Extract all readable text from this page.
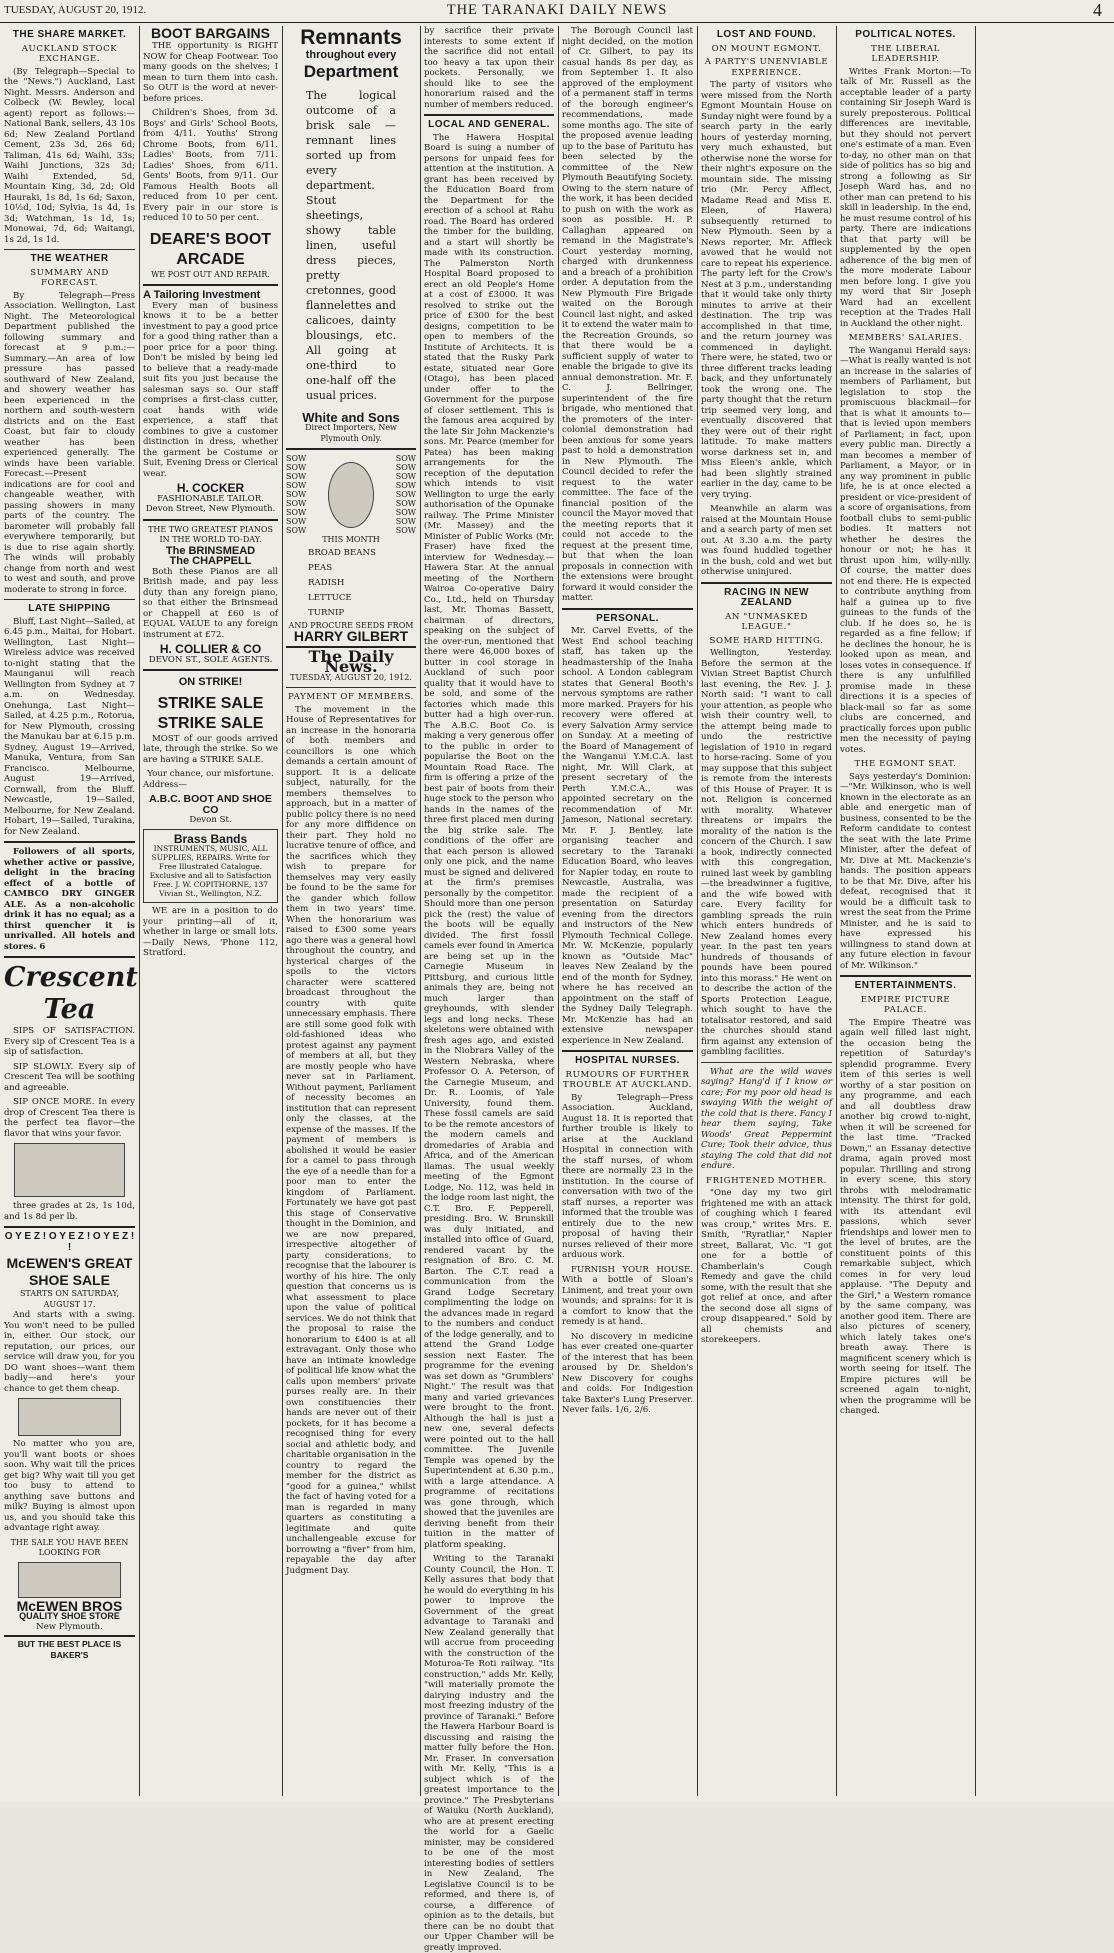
TUESDAY, AUGUST 20, 1912.	THE TARANAKI DAILY NEWS	4
THE SHARE MARKET.
AUCKLAND STOCK EXCHANGE.

(By Telegraph—Special to the "News.") Auckland, Last Night. Messrs. Anderson and Colbeck (W. Bewley, local agent) report as follows:—National Bank, sellers, 43 10s 6d; New Zealand Portland Cement, 23s 3d, 26s 6d; Taliman, 41s 6d; Waihi, 33s; Waihi Junctions, 32s 3d; Waihi Extended, 5d, Mountain King, 3d, 2d; Old Hauraki, 1s 8d, 1s 6d; Saxon, 10½d, 10d; Sylvia, 1s 4d, 1s 3d; Watchman, 1s 1d, 1s; Monowai, 7d, 6d; Waitangi, 1s 2d, 1s 1d.

THE WEATHER
SUMMARY AND FORECAST.

By Telegraph—Press Association. Wellington, Last Night. The Meteorological Department published the following summary and forecast at 9 p.m.:—Summary.—An area of low pressure has passed southward of New Zealand, and showery weather has been experienced in the northern and south-western districts and on the East Coast, but fair to cloudy weather has been experienced generally. The winds have been variable. Forecast.—Present indications are for cool and changeable weather, with passing showers in many parts of the country. The barometer will probably fall everywhere temporarily, but is due to rise again shortly. The winds will probably change from north and west to west and south, and prove moderate to strong in force.

LATE SHIPPING

Bluff, Last Night—Sailed, at 6.45 p.m., Maitai, for Hobart. Wellington, Last Night—Wireless advice was received to-night stating that the Maunganui will reach Wellington from Sydney at 7 a.m. on Wednesday. Onehunga, Last Night—Sailed, at 4.25 p.m., Rotorua, for New Plymouth, crossing the Manukau bar at 6.15 p.m. Sydney, August 19—Arrived, Manuka, Ventura, from San Francisco. Melbourne, August 19—Arrived, Cornwall, from the Bluff. Newcastle, 19—Sailed, Melbourne, for New Zealand. Hobart, 19—Sailed, Turakina, for New Zealand.

Followers of all sports, whether active or passive, delight in the bracing effect of a bottle of CAMBCO DRY GINGER ALE. As a non-alcoholic drink it has no equal; as a thirst quencher it is unrivalled. All hotels and stores. 6

Crescent Tea

SIPS OF SATISFACTION. Every sip of Crescent Tea is a sip of satisfaction.

SIP SLOWLY. Every sip of Crescent Tea will be soothing and agreeable.

SIP ONCE MORE. In every drop of Crescent Tea there is the perfect tea flavor—the flavor that wins your favor.

three grades at 2s, 1s 10d, and 1s 8d per lb.

O Y E Z ! O Y E Z ! O Y E Z ! !
McEWEN'S GREAT SHOE SALE
STARTS ON SATURDAY, AUGUST 17.

And starts with a swing. You won't need to be pulled in, either. Our stock, our reputation, our prices, our service will draw you, for you DO want shoes—want them badly—and here's your chance to get them cheap.

No matter who you are, you'll want boots or shoes soon. Why wait till the prices get big? Why wait till you get too busy to attend to anything save buttons and milk? Buying is almost upon us, and you should take this advantage right away.

THE SALE YOU HAVE BEEN LOOKING FOR
McEWEN BROS
QUALITY SHOE STORE
New Plymouth.
BUT THE BEST PLACE IS BAKER'S
BOOT BARGAINS

THE opportunity is RIGHT NOW for Cheap Footwear. Too many goods on the shelves; I mean to turn them into cash. So OUT is the word at never-before prices.

Children's Shoes, from 3d. Boys' and Girls' School Boots, from 4/11. Youths' Strong Chrome Boots, from 6/11. Ladies' Boots, from 7/11. Ladies' Shoes, from 6/11. Gents' Boots, from 9/11. Our Famous Health Boots all reduced from 10 per cent. Every pair in our store is reduced 10 to 50 per cent.

DEARE'S BOOT ARCADE
WE POST OUT AND REPAIR.
A Tailoring Investment

Every man of business knows it to be a better investment to pay a good price for a good thing rather than a poor price for a poor thing. Don't be misled by being led to believe that a ready-made suit fits you just because the salesman says so. Our staff comprises a first-class cutter, coat hands with wide experience, a staff that combines to give a customer distinction in dress, whether the garment be Costume or Suit, Evening Dress or Clerical wear.

H. COCKER
FASHIONABLE TAILOR.
Devon Street, New Plymouth.
THE TWO GREATEST PIANOS IN THE WORLD TO-DAY.
The BRINSMEAD
The CHAPPELL

Both these Pianos are all British made, and pay less duty than any foreign piano, so that either the Brinsmead or Chappell at £60 is of EQUAL VALUE to any foreign instrument at £72.

H. COLLIER & CO
DEVON ST., SOLE AGENTS.
ON STRIKE!
STRIKE SALE
STRIKE SALE

MOST of our goods arrived late, through the strike. So we are having a STRIKE SALE.

Your chance, our misfortune.
Address—
A.B.C. BOOT AND SHOE CO
Devon St.
Brass Bands
INSTRUMENTS, MUSIC, ALL SUPPLIES, REPAIRS. Write for Free Illustrated Catalogue. Exclusive and all to Satisfaction Free. J. W. COPITHORNE, 137 Vivian St., Wellington, N.Z.

WE are in a position to do your printing—all of it, whether in large or small lots.—Daily News, 'Phone 112, Stratford.

Remnants
throughout every
Department

The logical outcome of a brisk sale — remnant lines sorted up from every department. Stout sheetings, showy table linen, useful dress pieces, pretty cretonnes, good flannelettes and calicoes, dainty blousings, etc. All going at one-third to one-half off the usual prices.

White and Sons
Direct Importers, New Plymouth Only.
SOW
SOW
SOW
SOW
SOW
SOW
SOW
SOW
SOW
SOW
SOW
SOW
SOW
SOW
SOW
SOW
SOW
SOW
THIS MONTH
BROAD BEANS
PEAS
RADISH
LETTUCE
TURNIP
AND PROCURE SEEDS FROM
HARRY GILBERT
The Daily News.
TUESDAY, AUGUST 20, 1912.
PAYMENT OF MEMBERS.

The movement in the House of Representatives for an increase in the honoraria of both members and councillors is one which demands a certain amount of support. It is a delicate subject, naturally, for the members themselves to approach, but in a matter of public policy there is no need for any more diffidence on their part. They hold no lucrative tenure of office, and the sacrifices which they wish to prepare for themselves may very easily be found to be the same for the gander which follow them in two years' time. When the honorarium was raised to £300 some years ago there was a general howl throughout the country, and hysterical charges of the spoils to the victors character were scattered broadcast throughout the country with quite unnecessary emphasis. There are still some good folk with old-fashioned ideas who protest against any payment of members at all, but they are mostly people who have never sat in Parliament. Without payment, Parliament of necessity becomes an institution that can represent only the classes, at the expense of the masses. If the payment of members is abolished it would be easier for a camel to pass through the eye of a needle than for a poor man to enter the kingdom of Parliament. Fortunately we have got past this stage of Conservative thought in the Dominion, and we are now prepared, irrespective altogether of party considerations, to recognise that the labourer is worthy of his hire. The only question that concerns us is what assessment to place upon the value of political services. We do not think that the proposal to raise the honorarium to £400 is at all extravagant. Only those who have an intimate knowledge of political life know what the calls upon members' private purses really are. In their own constituencies their hands are never out of their pockets, for it has become a recognised thing for every social and athletic body, and charitable organisation in the country to regard the member for the district as "good for a guinea," whilst the fact of having voted for a man is regarded in many quarters as constituting a legitimate and quite unchallengeable excuse for borrowing a "fiver" from him, repayable the day after Judgment Day.

by sacrifice their private interests to some extent if the sacrifice did not entail too heavy a tax upon their pockets. Personally, we should like to see the honorarium raised and the number of members reduced.

LOCAL AND GENERAL.

The Hawera Hospital Board is suing a number of persons for unpaid fees for attention at the institution. A grant has been received by the Education Board from the Department for the erection of a school at Rahu road. The Board has ordered the timber for the building, and a start will shortly be made with its construction. The Palmerston North Hospital Board proposed to erect an old People's Home at a cost of £3000. It was resolved to strike out the price of £300 for the best designs, competition to be open to members of the Institute of Architects. It is stated that the Rusky Park estate, situated near Gore (Otago), has been placed under offer to the Government for the purpose of closer settlement. This is the famous area acquired by the late Sir John Mackenzie's sons. Mr. Pearce (member for Patea) has been making arrangements for the reception of the deputation which intends to visit Wellington to urge the early authorisation of the Opunake railway. The Prime Minister (Mr. Massey) and the Minister of Public Works (Mr. Fraser) have fixed the interview for Wednesday.—Hawera Star. At the annual meeting of the Northern Wairoa Co-operative Dairy Co., Ltd., held on Thursday last, Mr. Thomas Bassett, chairman of directors, speaking on the subject of the over-run, mentioned that there were 46,000 boxes of butter in cool storage in Auckland of such poor quality that it would have to be sold, and some of the factories which made this butter had a high over-run. The A.B.C. Boot Co. is making a very generous offer to the public in order to popularise the Boot on the Mountain Road Race. The firm is offering a prize of the best pair of boots from their huge stock to the person who hands in the names of the three first placed men during the big strike sale. The conditions of the offer are that each person is allowed only one pick, and the name must be signed and delivered at the firm's premises personally by the competitor. Should more than one person pick the (rest) the value of the boots will be equally divided. The first fossil camels ever found in America are being set up in the Carnegie Museum in Pittsburg, and curious little animals they are, being not much larger than greyhounds, with slender legs and long necks. These skeletons were obtained with fresh ages ago, and existed in the Niobrara Valley of the Western Nebraska, where Professor O. A. Peterson, of the Carnegie Museum, and Dr. R. Loomis, of Yale University, found them. These fossil camels are said to be the remote ancestors of the modern camels and dromedaries of Arabia and Africa, and of the American llamas. The usual weekly meeting of the Egmont Lodge, No. 112, was held in the lodge room last night, the C.T. Bro. F. Pepperell, presiding. Bro. W. Brunskill was duly initiated, and installed into office of Guard, rendered vacant by the resignation of Bro. C. M. Barton. The C.T. read a communication from the Grand Lodge Secretary complimenting the lodge on the advances made in regard to the numbers and conduct of the lodge generally, and to attend the Grand Lodge session next Easter. The programme for the evening was set down as "Grumblers' Night." The result was that many and varied grievances were brought to the front. Although the hall is just a new one, several defects were pointed out to the hall committee. The Juvenile Temple was opened by the Superintendent at 6.30 p.m., with a large attendance. A programme of recitations was gone through, which showed that the juveniles are deriving benefit from their tuition in the matter of platform speaking.

Writing to the Taranaki County Council, the Hon. T. Kelly assures that body that he would do everything in his power to improve the Government of the great advantage to Taranaki and New Zealand generally that will accrue from proceeding with the construction of the Moturoa-Te Roti railway. "Its construction," adds Mr. Kelly, "will materially promote the dairying industry and the most freezing industry of the province of Taranaki." Before the Hawera Harbour Board is discussing and raising the matter fully before the Hon. Mr. Fraser. In conversation with Mr. Kelly, "This is a subject which is of the greatest importance to the province." The Presbyterians of Waiuku (North Auckland), who are at present erecting the world for a Gaelic minister, may be considered to be one of the most interesting bodies of settlers in New Zealand, The Legislative Council is to be reformed, and there is, of course, a difference of opinion as to the details, but there can be no doubt that our Upper Chamber will be greatly improved.

The Borough Council last night decided, on the motion of Cr. Gilbert, to pay its casual hands 8s per day, as from September 1. It also approved of the employment of a permanent staff in terms of the borough engineer's recommendations, made some months ago. The site of the proposed avenue leading up to the base of Paritutu has been selected by the committee of the New Plymouth Beautifying Society. Owing to the stern nature of the work, it has been decided to push on with the work as soon as possible. H. P. Callaghan appeared on remand in the Magistrate's Court yesterday morning, charged with drunkenness and a breach of a prohibition order. A deputation from the New Plymouth Fire Brigade waited on the Borough Council last night, and asked it to extend the water main to the Recreation Grounds, so that there would be a sufficient supply of water to enable the brigade to give its annual demonstration. Mr. F. C. J. Bellringer, superintendent of the fire brigade, who mentioned that the promoters of the inter-colonial demonstration had been anxious for some years past to hold a demonstration in New Plymouth. The Council decided to refer the request to the water committee. The face of the financial position of the council the Mayor moved that the meeting reports that it could not accede to the request at the present time, but that when the loan proposals in connection with the extensions were brought forward it would consider the matter.

PERSONAL.

Mr. Carvel Evetts, of the West End school teaching staff, has taken up the headmastership of the Inaha school. A London cablegram states that General Booth's nervous symptoms are rather more marked. Prayers for his recovery were offered at every Salvation Army service on Sunday. At a meeting of the Board of Management of the Wanganui Y.M.C.A. last night, Mr. Will Clark, at present secretary of the Perth Y.M.C.A., was appointed secretary on the recommendation of Mr. Jameson, National secretary. Mr. F. J. Bentley, late organising teacher and secretary to the Taranaki Education Board, who leaves for Napier today, en route to Newcastle, Australia, was made the recipient of a presentation on Saturday evening from the directors and instructors of the New Plymouth Technical College. Mr. W. McKenzie, popularly known as "Outside Mac" leaves New Zealand by the end of the month for Sydney, where he has received an appointment on the staff of the Sydney Daily Telegraph. Mr. McKenzie has had an extensive newspaper experience in New Zealand.

HOSPITAL NURSES.
RUMOURS OF FURTHER TROUBLE AT AUCKLAND.

By Telegraph—Press Association. Auckland, August 18. It is reported that further trouble is likely to arise at the Auckland Hospital in connection with the staff nurses, of whom there are normally 23 in the institution. In the course of conversation with two of the staff nurses, a reporter was informed that the trouble was entirely due to the new proposal of having their nurses relieved of their more arduous work.

FURNISH YOUR HOUSE. With a bottle of Sloan's Liniment, and treat your own wounds; and sprains: for it is a comfort to know that the remedy is at hand.

No discovery in medicine has ever created one-quarter of the interest that has been aroused by Dr. Sheldon's New Discovery for coughs and colds. For Indigestion take Baxter's Lung Preserver. Never fails. 1/6, 2/6.

LOST AND FOUND.
ON MOUNT EGMONT.
A PARTY'S UNENVIABLE EXPERIENCE.

The party of visitors who were missed from the North Egmont Mountain House on Sunday night were found by a search party in the early hours of yesterday morning, very much exhausted, but otherwise none the worse for their night's exposure on the mountain side. The missing trio (Mr. Percy Afflect, Madame Read and Miss E. Eleen, of Hawera) subsequently returned to New Plymouth. Seen by a News reporter, Mr. Affleck avowed that he would not care to repeat his experience. The party left for the Crow's Nest at 3 p.m., understanding that it would take only thirty minutes to arrive at their destination. The trip was accomplished in that time, and the return journey was commenced in daylight. There were, he stated, two or three different tracks leading back, and they unfortunately took the wrong one. The party thought that the return trip seemed very long, and eventually discovered that they were out of their right latitude. To make matters worse darkness set in, and Miss Eleen's ankle, which had been slightly strained earlier in the day, came to be very trying.

Meanwhile an alarm was raised at the Mountain House and a search party of men set out. At 3.30 a.m. the party was found huddled together in the bush, cold and wet but otherwise uninjured.

RACING IN NEW ZEALAND
AN "UNMASKED LEAGUE."
SOME HARD HITTING.

Wellington, Yesterday. Before the sermon at the Vivian Street Baptist Church last evening, the Rev. J. J. North said: "I want to call your attention, as people who wish their country well, to the attempt being made to undo the restrictive legislation of 1910 in regard to horse-racing. Some of you may suppose that this subject is remote from the interests of this House of Prayer. It is not. Religion is concerned with morality. Whatever threatens or impairs the morality of the nation is the concern of the Church. I saw a book, indirectly connected with this congregation, ruined last week by gambling—the breadwinner a fugitive, and the wife bowed with care. Every facility for gambling spreads the ruin which enters hundreds of New Zealand homes every year. In the past ten years hundreds of thousands of pounds have been poured into this morass." He went on to describe the action of the Sports Protection League, which sought to have the totalisator restored, and said the churches should stand firm against any extension of gambling facilities.

What are the wild waves saying? Hang'd if I know or care; For my poor old head is swaying With the weight of the cold that is there. Fancy I hear them saying, Take Woods' Great Peppermint Cure; Took their advice, thus staying The cold that did not endure.

FRIGHTENED MOTHER.

"One day my two girl frightened me with an attack of coughing which I feared was croup," writes Mrs. E. Smith, "Ryratliar," Napier street, Ballarat, Vic. "I got one for a bottle of Chamberlain's Cough Remedy and gave the child some, with the result that she got relief at once, and after the second dose all signs of croup disappeared." Sold by all chemists and storekeepers.

POLITICAL NOTES.
THE LIBERAL LEADERSHIP.

Writes Frank Morton:—To talk of Mr. Russell as the acceptable leader of a party containing Sir Joseph Ward is surely preposterous. Political differences are inevitable, but they should not pervert one's estimate of a man. Even to-day, no other man on that side of politics has so big and strong a following as Sir Joseph Ward has, and no other man can pretend to his skill in leadership. In the end, he must resume control of his party. There are indications that that party will be supplemented by the open adherence of the big men of the more moderate Labour men before long. I give you my word that Sir Joseph Ward had an excellent reception at the Trades Hall in Auckland the other night.

MEMBERS' SALARIES.

The Wanganui Herald says:—What is really wanted is not an increase in the salaries of members of Parliament, but legislation to stop the promiscuous blackmail—for that is what it amounts to—that is levied upon members of Parliament; in fact, upon every public man. Directly a man becomes a member of Parliament, a Mayor, or in any way prominent in public life, he is at once elected a president or vice-president of a score of organisations, from football clubs to semi-public bodies. It matters not whether he desires the honour or not; he has it thrust upon him, willy-nilly. Of course, the matter does not end there. He is expected to contribute anything from half a guinea up to five guineas to the funds of the club. If he does so, he is regarded as a fine fellow; if he declines the honour, he is looked upon as mean, and loses votes in consequence. If there is any unfulfilled promise made in these directions it is a species of black-mail so far as some clubs are concerned, and practically forces upon public men the necessity of paying votes.

THE EGMONT SEAT.

Says yesterday's Dominion:—"Mr. Wilkinson, who is well known in the electorate as an able and energetic man of business, consented to be the Reform candidate to contest the seat with the late Prime Minister, after the defeat of Mr. Dive at Mt. Mackenzie's hands. The position appears to be that Mr. Dive, after his defeat, recognised that it would be a difficult task to wrest the seat from the Prime Minister, and he is said to have expressed his willingness to stand down at any future election in favour of Mr. Wilkinson."

ENTERTAINMENTS.
EMPIRE PICTURE PALACE.

The Empire Theatre was again well filled last night, the occasion being the repetition of Saturday's splendid programme. Every item of this series is well worthy of a star position on any programme, and each and all doubtless draw another big crowd to-night, when it will be screened for the last time. "Tracked Down," an Essanay detective drama, again proved most popular. Thrilling and strong in every scene, this story throbs with melodramatic intensity. The thirst for gold, with its attendant evil passions, which sever friendships and lower men to the level of brutes, are the constituent points of this remarkable subject, which comes in for very loud applause. "The Deputy and the Girl," a Western romance by the same company, was another good item. There are also pictures of scenery, which lately takes one's breath away. There is magnificent scenery which is worth seeing for itself. The Empire pictures will be screened again to-night, when the programme will be changed.
